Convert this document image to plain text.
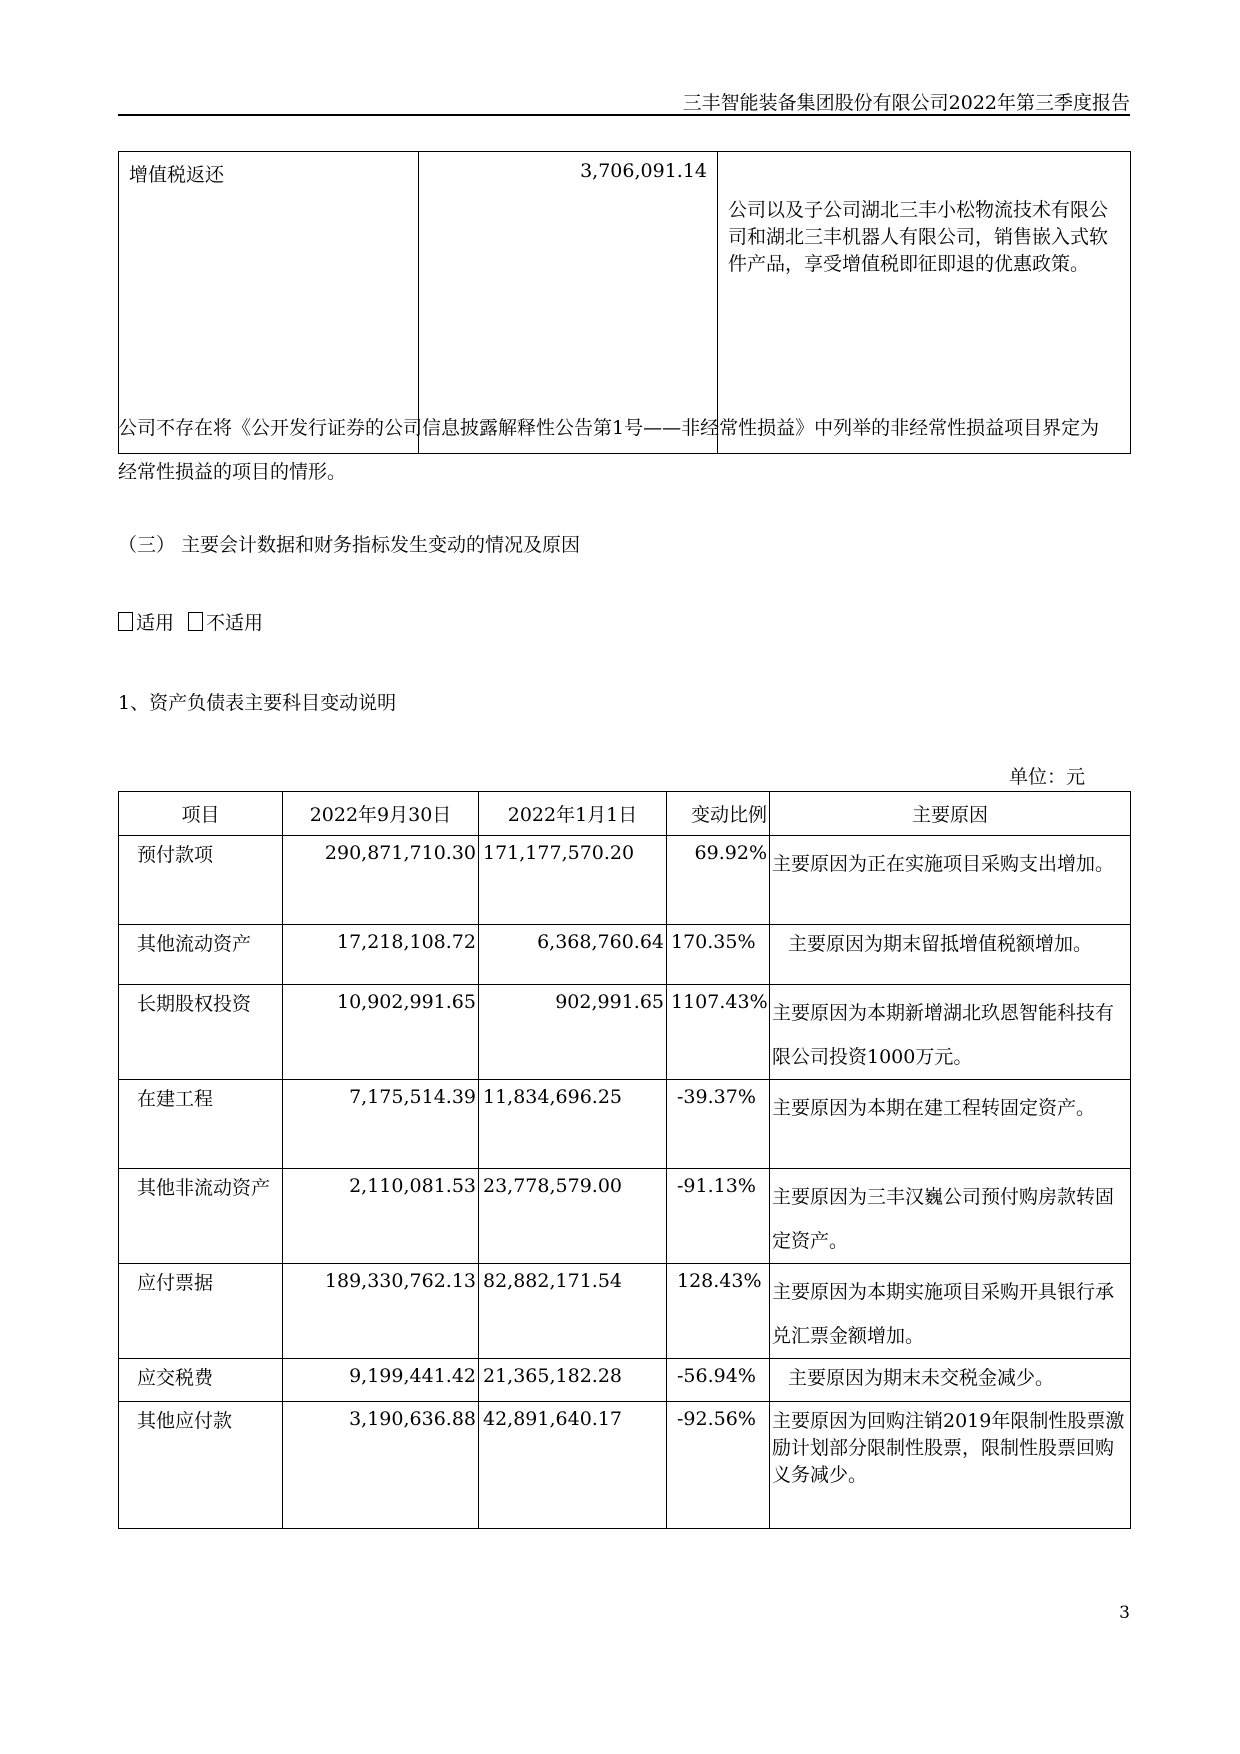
三丰智能装备集团股份有限公司2022年第三季度报告
增值税返还	3,706,091.14	公司以及子公司湖北三丰小松物流技术有限公司和湖北三丰机器人有限公司，销售嵌入式软件产品，享受增值税即征即退的优惠政策。
公司不存在将《公开发行证券的公司信息披露解释性公告第1号——非经常性损益》中列举的非经常性损益项目界定为经常性损益的项目的情形。
（三） 主要会计数据和财务指标发生变动的情况及原因
适用 不适用
1、资产负债表主要科目变动说明
单位：元
项目	2022年9月30日	2022年1月1日	变动比例	主要原因
预付款项	290,871,710.30	171,177,570.20	69.92%	主要原因为正在实施项目采购支出增加。
其他流动资产	17,218,108.72	6,368,760.64	170.35%	主要原因为期末留抵增值税额增加。
长期股权投资	10,902,991.65	902,991.65	1107.43%	主要原因为本期新增湖北玖恩智能科技有限公司投资1000万元。
在建工程	7,175,514.39	11,834,696.25	-39.37%	主要原因为本期在建工程转固定资产。
其他非流动资产	2,110,081.53	23,778,579.00	-91.13%	主要原因为三丰汉巍公司预付购房款转固定资产。
应付票据	189,330,762.13	82,882,171.54	128.43%	主要原因为本期实施项目采购开具银行承兑汇票金额增加。
应交税费	9,199,441.42	21,365,182.28	-56.94%	主要原因为期末未交税金减少。
其他应付款	3,190,636.88	42,891,640.17	-92.56%	主要原因为回购注销2019年限制性股票激励计划部分限制性股票，限制性股票回购义务减少。
3
